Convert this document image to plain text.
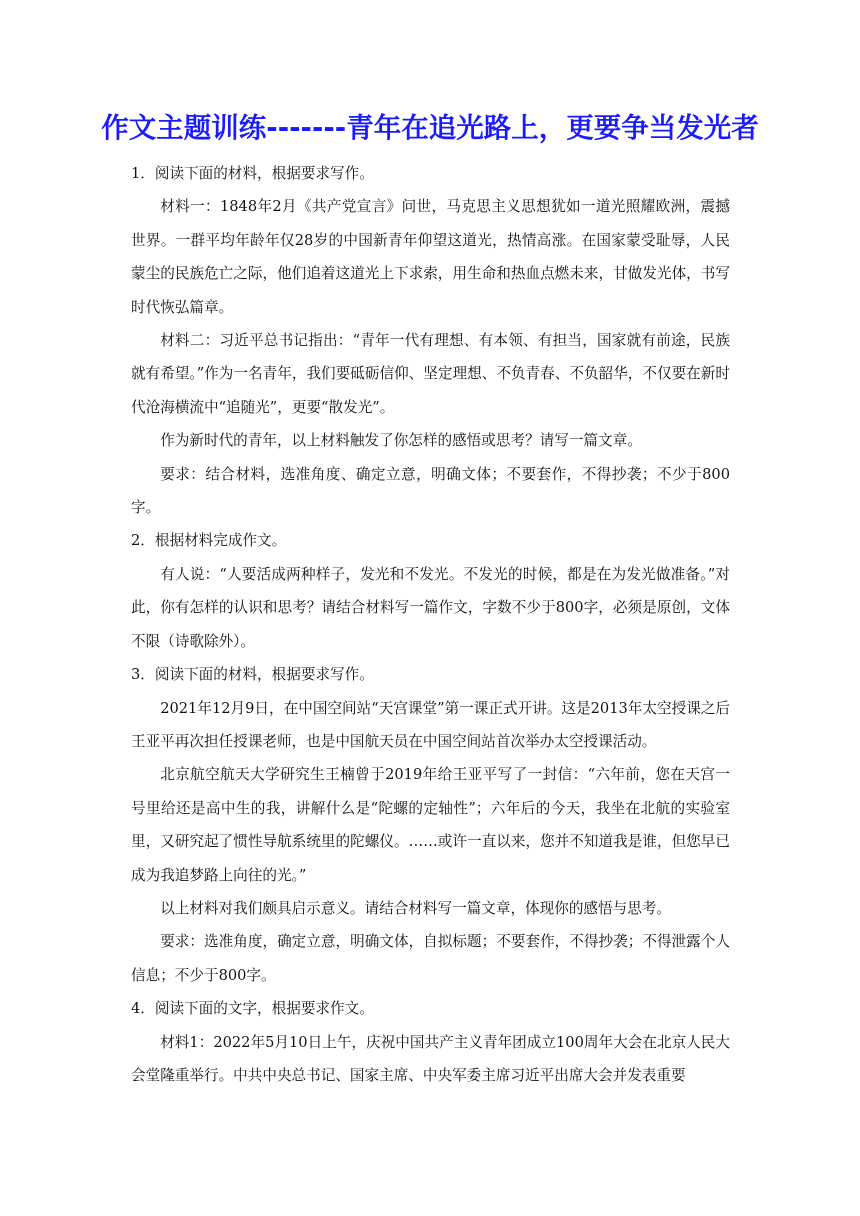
作文主题训练-------青年在追光路上，更要争当发光者

1．阅读下面的材料，根据要求写作。

材料一：1848年2月《共产党宣言》问世，马克思主义思想犹如一道光照耀欧洲，震撼世界。一群平均年龄年仅28岁的中国新青年仰望这道光，热情高涨。在国家蒙受耻辱，人民蒙尘的民族危亡之际，他们追着这道光上下求索，用生命和热血点燃未来，甘做发光体，书写时代恢弘篇章。

材料二：习近平总书记指出：“青年一代有理想、有本领、有担当，国家就有前途，民族就有希望。”作为一名青年，我们要砥砺信仰、坚定理想、不负青春、不负韶华，不仅要在新时代沧海横流中“追随光”，更要“散发光”。

作为新时代的青年，以上材料触发了你怎样的感悟或思考？请写一篇文章。

要求：结合材料，选准角度、确定立意，明确文体；不要套作，不得抄袭；不少于800字。

2．根据材料完成作文。

有人说：“人要活成两种样子，发光和不发光。不发光的时候，都是在为发光做准备。”对此，你有怎样的认识和思考？请结合材料写一篇作文，字数不少于800字，必须是原创，文体不限（诗歌除外）。

3．阅读下面的材料，根据要求写作。

2021年12月9日，在中国空间站“天宫课堂”第一课正式开讲。这是2013年太空授课之后王亚平再次担任授课老师，也是中国航天员在中国空间站首次举办太空授课活动。

北京航空航天大学研究生王楠曾于2019年给王亚平写了一封信：“六年前，您在天宫一号里给还是高中生的我，讲解什么是“陀螺的定轴性”；六年后的今天，我坐在北航的实验室里，又研究起了惯性导航系统里的陀螺仪。……或许一直以来，您并不知道我是谁，但您早已成为我追梦路上向往的光。”

以上材料对我们颇具启示意义。请结合材料写一篇文章，体现你的感悟与思考。

要求：选准角度，确定立意，明确文体，自拟标题；不要套作，不得抄袭；不得泄露个人信息；不少于800字。

4．阅读下面的文字，根据要求作文。

材料1：2022年5月10日上午，庆祝中国共产主义青年团成立100周年大会在北京人民大会堂隆重举行。中共中央总书记、国家主席、中央军委主席习近平出席大会并发表重要
